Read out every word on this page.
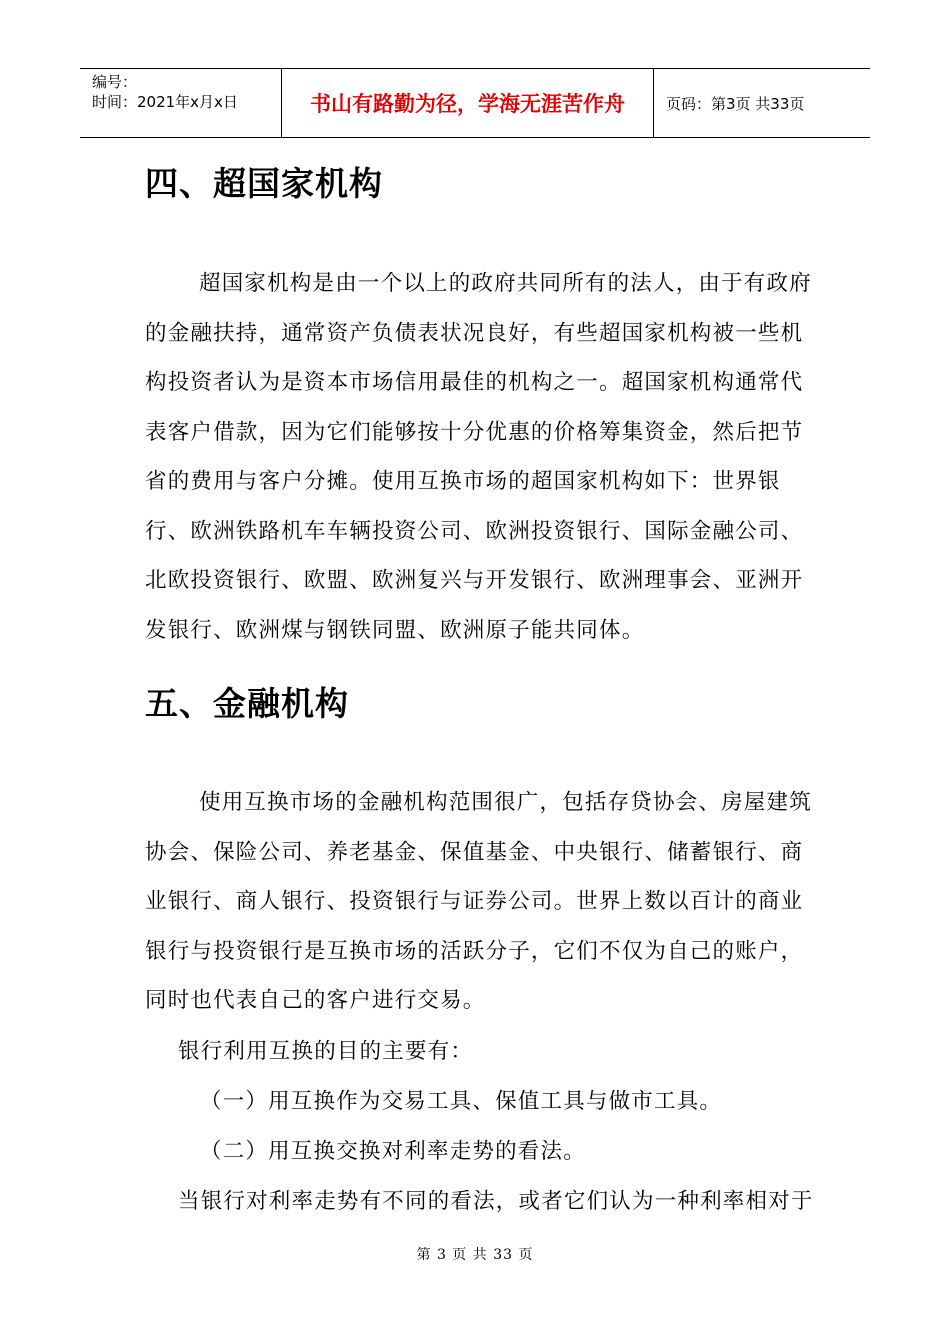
编号：
时间：2021年x月x日	书山有路勤为径，学海无涯苦作舟	页码：第3页 共33页
四、超国家机构

超国家机构是由一个以上的政府共同所有的法人，由于有政府的金融扶持，通常资产负债表状况良好，有些超国家机构被一些机构投资者认为是资本市场信用最佳的机构之一。超国家机构通常代表客户借款，因为它们能够按十分优惠的价格筹集资金，然后把节省的费用与客户分摊。使用互换市场的超国家机构如下：世界银行、欧洲铁路机车车辆投资公司、欧洲投资银行、国际金融公司、北欧投资银行、欧盟、欧洲复兴与开发银行、欧洲理事会、亚洲开发银行、欧洲煤与钢铁同盟、欧洲原子能共同体。

五、金融机构

使用互换市场的金融机构范围很广，包括存贷协会、房屋建筑协会、保险公司、养老基金、保值基金、中央银行、储蓄银行、商业银行、商人银行、投资银行与证券公司。世界上数以百计的商业银行与投资银行是互换市场的活跃分子，它们不仅为自己的账户，同时也代表自己的客户进行交易。

银行利用互换的目的主要有：

（一）用互换作为交易工具、保值工具与做市工具。

（二）用互换交换对利率走势的看法。

当银行对利率走势有不同的看法，或者它们认为一种利率相对于

第 3 页 共 33 页
